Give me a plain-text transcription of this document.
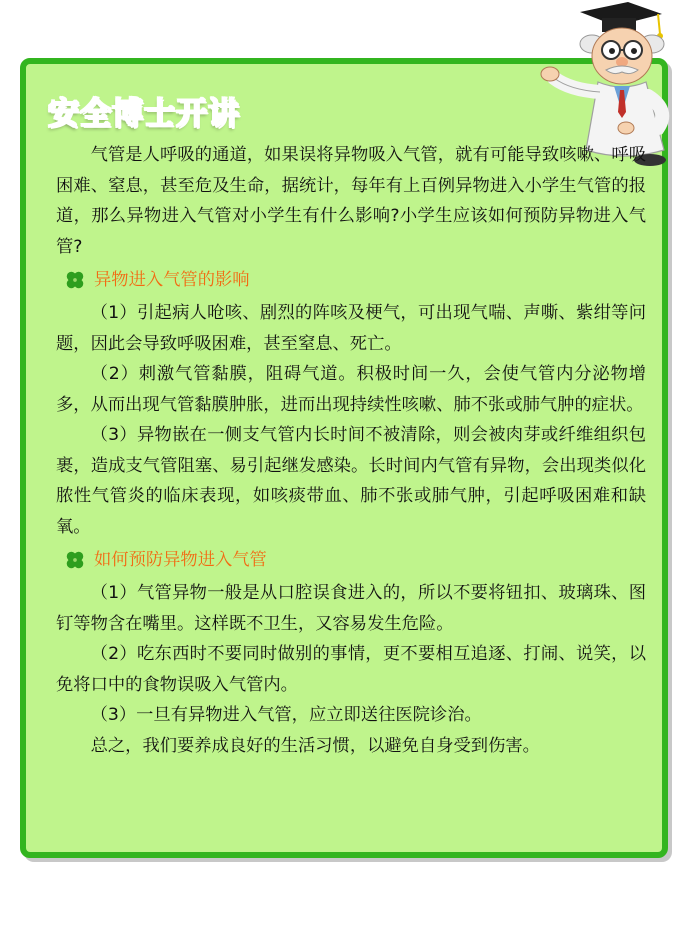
安全博士开讲

气管是人呼吸的通道，如果误将异物吸入气管，就有可能导致咳嗽、呼吸困难、窒息，甚至危及生命，据统计，每年有上百例异物进入小学生气管的报道，那么异物进入气管对小学生有什么影响?小学生应该如何预防异物进入气管?

异物进入气管的影响

（1）引起病人呛咳、剧烈的阵咳及梗气，可出现气喘、声嘶、紫绀等问题，因此会导致呼吸困难，甚至窒息、死亡。

（2）刺激气管黏膜，阻碍气道。积极时间一久，会使气管内分泌物增多，从而出现气管黏膜肿胀，进而出现持续性咳嗽、肺不张或肺气肿的症状。

（3）异物嵌在一侧支气管内长时间不被清除，则会被肉芽或纤维组织包裹，造成支气管阻塞、易引起继发感染。长时间内气管有异物，会出现类似化脓性气管炎的临床表现，如咳痰带血、肺不张或肺气肿，引起呼吸困难和缺氧。

如何预防异物进入气管

（1）气管异物一般是从口腔误食进入的，所以不要将钮扣、玻璃珠、图钉等物含在嘴里。这样既不卫生，又容易发生危险。

（2）吃东西时不要同时做别的事情，更不要相互追逐、打闹、说笑，以免将口中的食物误吸入气管内。

（3）一旦有异物进入气管，应立即送往医院诊治。

总之，我们要养成良好的生活习惯，以避免自身受到伤害。
